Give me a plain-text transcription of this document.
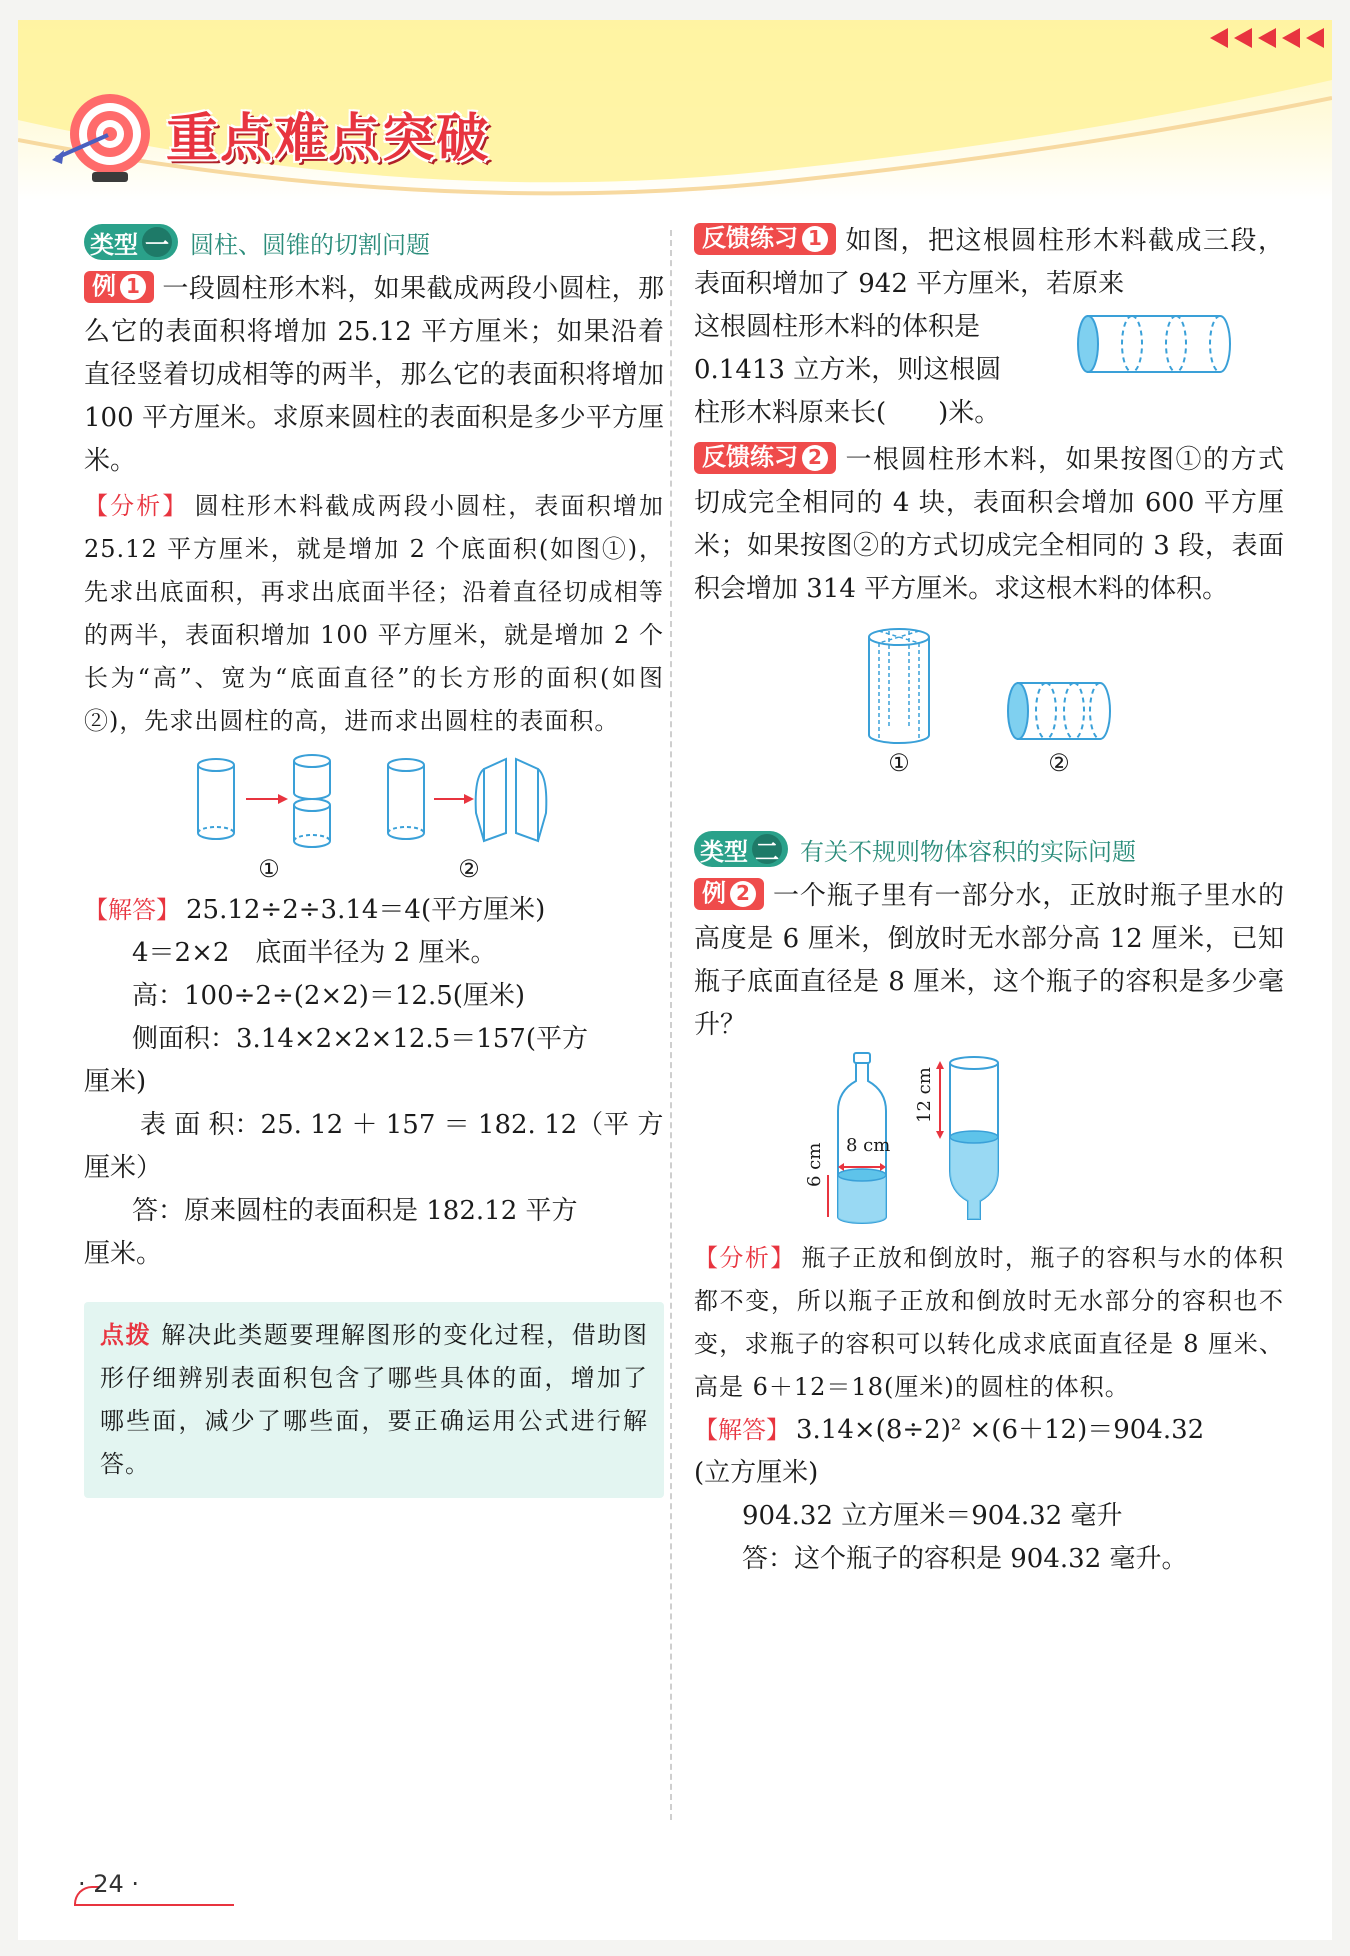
重点难点突破
类型 一 圆柱、圆锥的切割问题

例 1 一段圆柱形木料，如果截成两段小圆柱，那么它的表面积将增加 25.12 平方厘米；如果沿着直径竖着切成相等的两半，那么它的表面积将增加 100 平方厘米。求原来圆柱的表面积是多少平方厘米。

【分析】 圆柱形木料截成两段小圆柱，表面积增加 25.12 平方厘米，就是增加 2 个底面积(如图①)，先求出底面积，再求出底面半径；沿着直径切成相等的两半，表面积增加 100 平方厘米，就是增加 2 个长为“高”、宽为“底面直径”的长方形的面积(如图②)，先求出圆柱的高，进而求出圆柱的表面积。

①	②

【解答】 25.12÷2÷3.14＝4(平方厘米)

4＝2×2　底面半径为 2 厘米。

高：100÷2÷(2×2)＝12.5(厘米)

侧面积：3.14×2×2×12.5＝157(平方

厘米)

表 面 积：25. 12 ＋ 157 ＝ 182. 12（平 方

厘米）

答：原来圆柱的表面积是 182.12 平方

厘米。

点拨 解决此类题要理解图形的变化过程，借助图形仔细辨别表面积包含了哪些具体的面，增加了哪些面，减少了哪些面，要正确运用公式进行解答。

反馈练习 1 如图，把这根圆柱形木料截成三段，表面积增加了 942 平方厘米，若原来

这根圆柱形木料的体积是

0.1413 立方米，则这根圆

柱形木料原来长(　　)米。

反馈练习 2 一根圆柱形木料，如果按图①的方式切成完全相同的 4 块，表面积会增加 600 平方厘米；如果按图②的方式切成完全相同的 3 段，表面积会增加 314 平方厘米。求这根木料的体积。

①	②
类型 二 有关不规则物体容积的实际问题

例 2 一个瓶子里有一部分水，正放时瓶子里水的高度是 6 厘米，倒放时无水部分高 12 厘米，已知瓶子底面直径是 8 厘米，这个瓶子的容积是多少毫升？

8 cm
6 cm
12 cm

【分析】 瓶子正放和倒放时，瓶子的容积与水的体积都不变，所以瓶子正放和倒放时无水部分的容积也不变，求瓶子的容积可以转化成求底面直径是 8 厘米、高是 6＋12＝18(厘米)的圆柱的体积。

【解答】 3.14×(8÷2)² ×(6＋12)＝904.32

(立方厘米)

904.32 立方厘米＝904.32 毫升

答：这个瓶子的容积是 904.32 毫升。

· 24 ·
